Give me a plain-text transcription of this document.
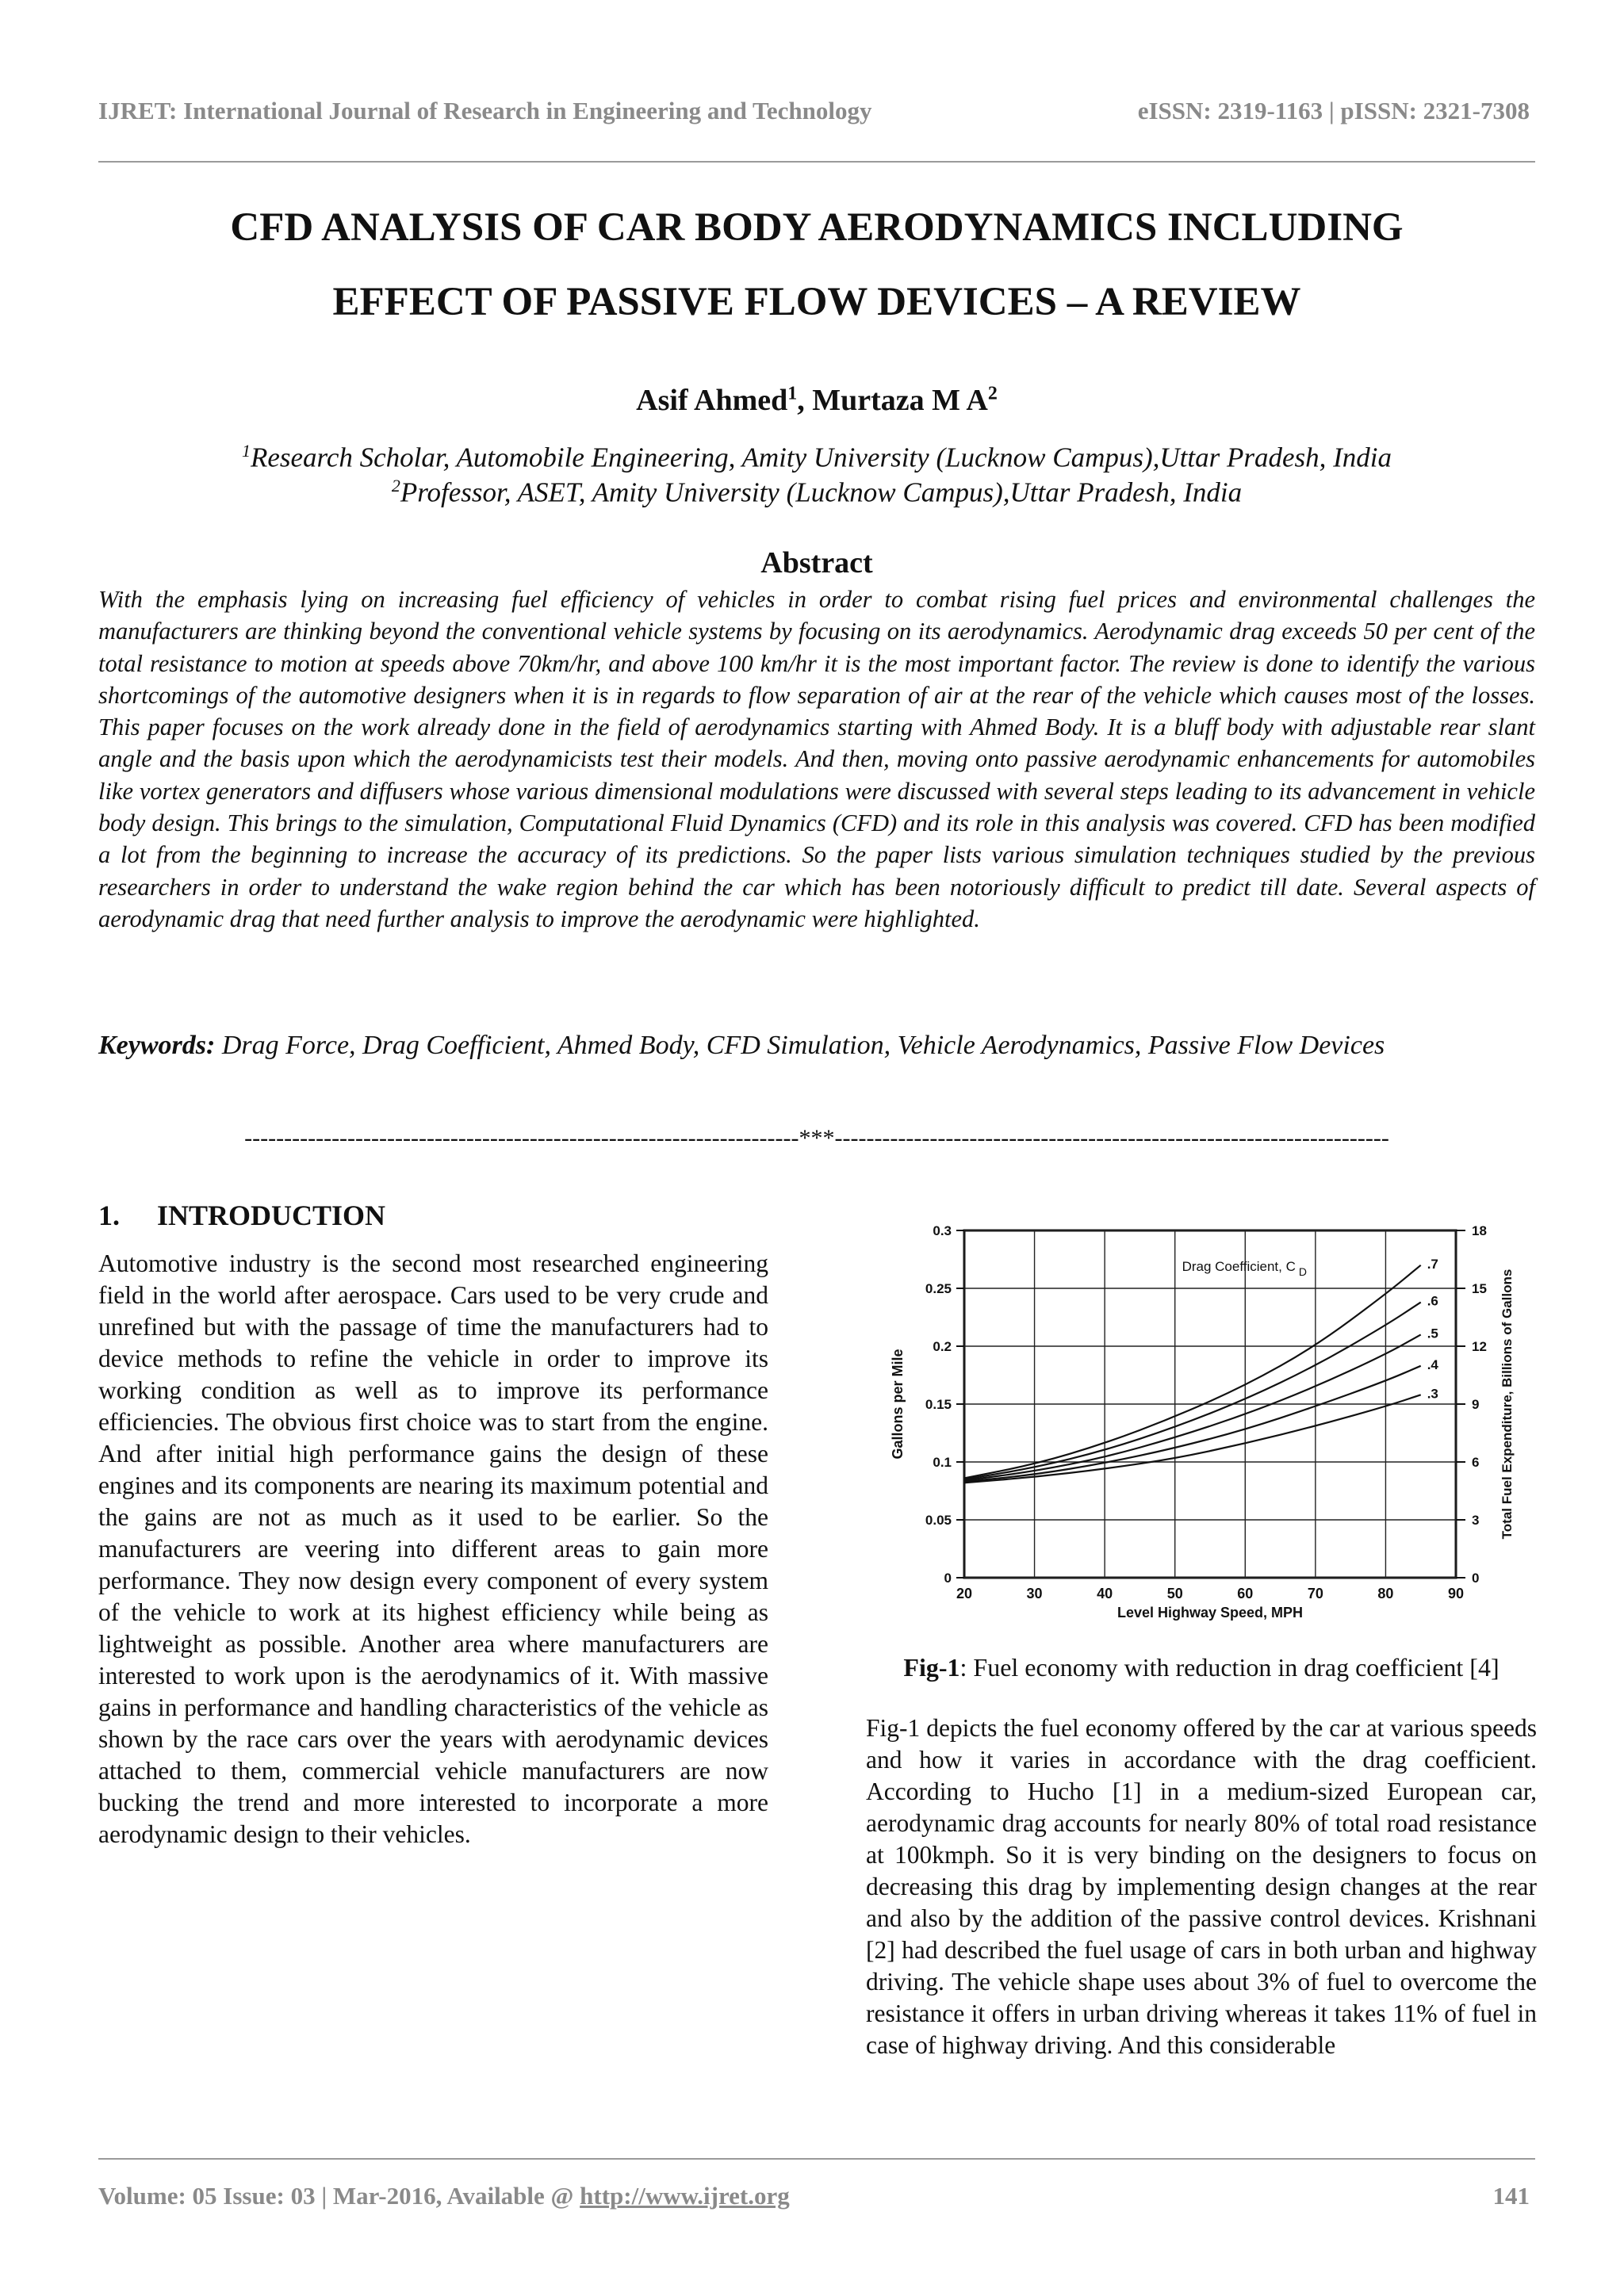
IJRET: International Journal of Research in Engineering and Technology	eISSN: 2319-1163 | pISSN: 2321-7308
CFD ANALYSIS OF CAR BODY AERODYNAMICS INCLUDING
EFFECT OF PASSIVE FLOW DEVICES – A REVIEW
Asif Ahmed$^1$, Murtaza M $A^2$
$^1$Research Scholar, Automobile Engineering, Amity University (Lucknow Campus),Uttar Pradesh, India
$^2$Professor, ASET, Amity University (Lucknow Campus),Uttar Pradesh, India
Abstract

With the emphasis lying on increasing fuel efficiency of vehicles in order to combat rising fuel prices and environmental challenges the manufacturers are thinking beyond the conventional vehicle systems by focusing on its aerodynamics. Aerodynamic drag exceeds 50 per cent of the total resistance to motion at speeds above 70km/hr, and above 100 km/hr it is the most important factor. The review is done to identify the various shortcomings of the automotive designers when it is in regards to flow separation of air at the rear of the vehicle which causes most of the losses. This paper focuses on the work already done in the field of aerodynamics starting with Ahmed Body. It is a bluff body with adjustable rear slant angle and the basis upon which the aerodynamicists test their models. And then, moving onto passive aerodynamic enhancements for automobiles like vortex generators and diffusers whose various dimensional modulations were discussed with several steps leading to its advancement in vehicle body design. This brings to the simulation, Computational Fluid Dynamics (CFD) and its role in this analysis was covered. CFD has been modified a lot from the beginning to increase the accuracy of its predictions. So the paper lists various simulation techniques studied by the previous researchers in order to understand the wake region behind the car which has been notoriously difficult to predict till date. Several aspects of aerodynamic drag that need further analysis to improve the aerodynamic were highlighted.

Keywords: Drag Force, Drag Coefficient, Ahmed Body, CFD Simulation, Vehicle Aerodynamics, Passive Flow Devices

----------------------------------------------------------------------***----------------------------------------------------------------------
1. INTRODUCTION

Automotive industry is the second most researched engineering field in the world after aerospace. Cars used to be very crude and unrefined but with the passage of time the manufacturers had to device methods to refine the vehicle in order to improve its working condition as well as to improve its performance efficiencies. The obvious first choice was to start from the engine. And after initial high performance gains the design of these engines and its components are nearing its maximum potential and the gains are not as much as it used to be earlier. So the manufacturers are veering into different areas to gain more performance. They now design every component of every system of the vehicle to work at its highest efficiency while being as lightweight as possible. Another area where manufacturers are interested to work upon is the aerodynamics of it. With massive gains in performance and handling characteristics of the vehicle as shown by the race cars over the years with aerodynamic devices attached to them, commercial vehicle manufacturers are now bucking the trend and more interested to incorporate a more aerodynamic design to their vehicles.

20	30	40	50	60	70	80	90
0
0.05
0.1
0.15
0.2
0.25
0.3
0
3
6
9
12
15
18
.7
.6
.5
.4
.3
Drag Coefficient, C $_D$
Level Highway Speed, MPH
Gallons per Mile	Total Fuel Expenditure, Billions of Gallons
Fig-1: Fuel economy with reduction in drag coefficient [4]

Fig-1 depicts the fuel economy offered by the car at various speeds and how it varies in accordance with the drag coefficient. According to Hucho [1] in a medium-sized European car, aerodynamic drag accounts for nearly 80% of total road resistance at 100kmph. So it is very binding on the designers to focus on decreasing this drag by implementing design changes at the rear and also by the addition of the passive control devices. Krishnani [2] had described the fuel usage of cars in both urban and highway driving. The vehicle shape uses about 3% of fuel to overcome the resistance it offers in urban driving whereas it takes 11% of fuel in case of highway driving. And this considerable

Volume: 05 Issue: 03 | Mar-2016, Available @ http://www.ijret.org	141
